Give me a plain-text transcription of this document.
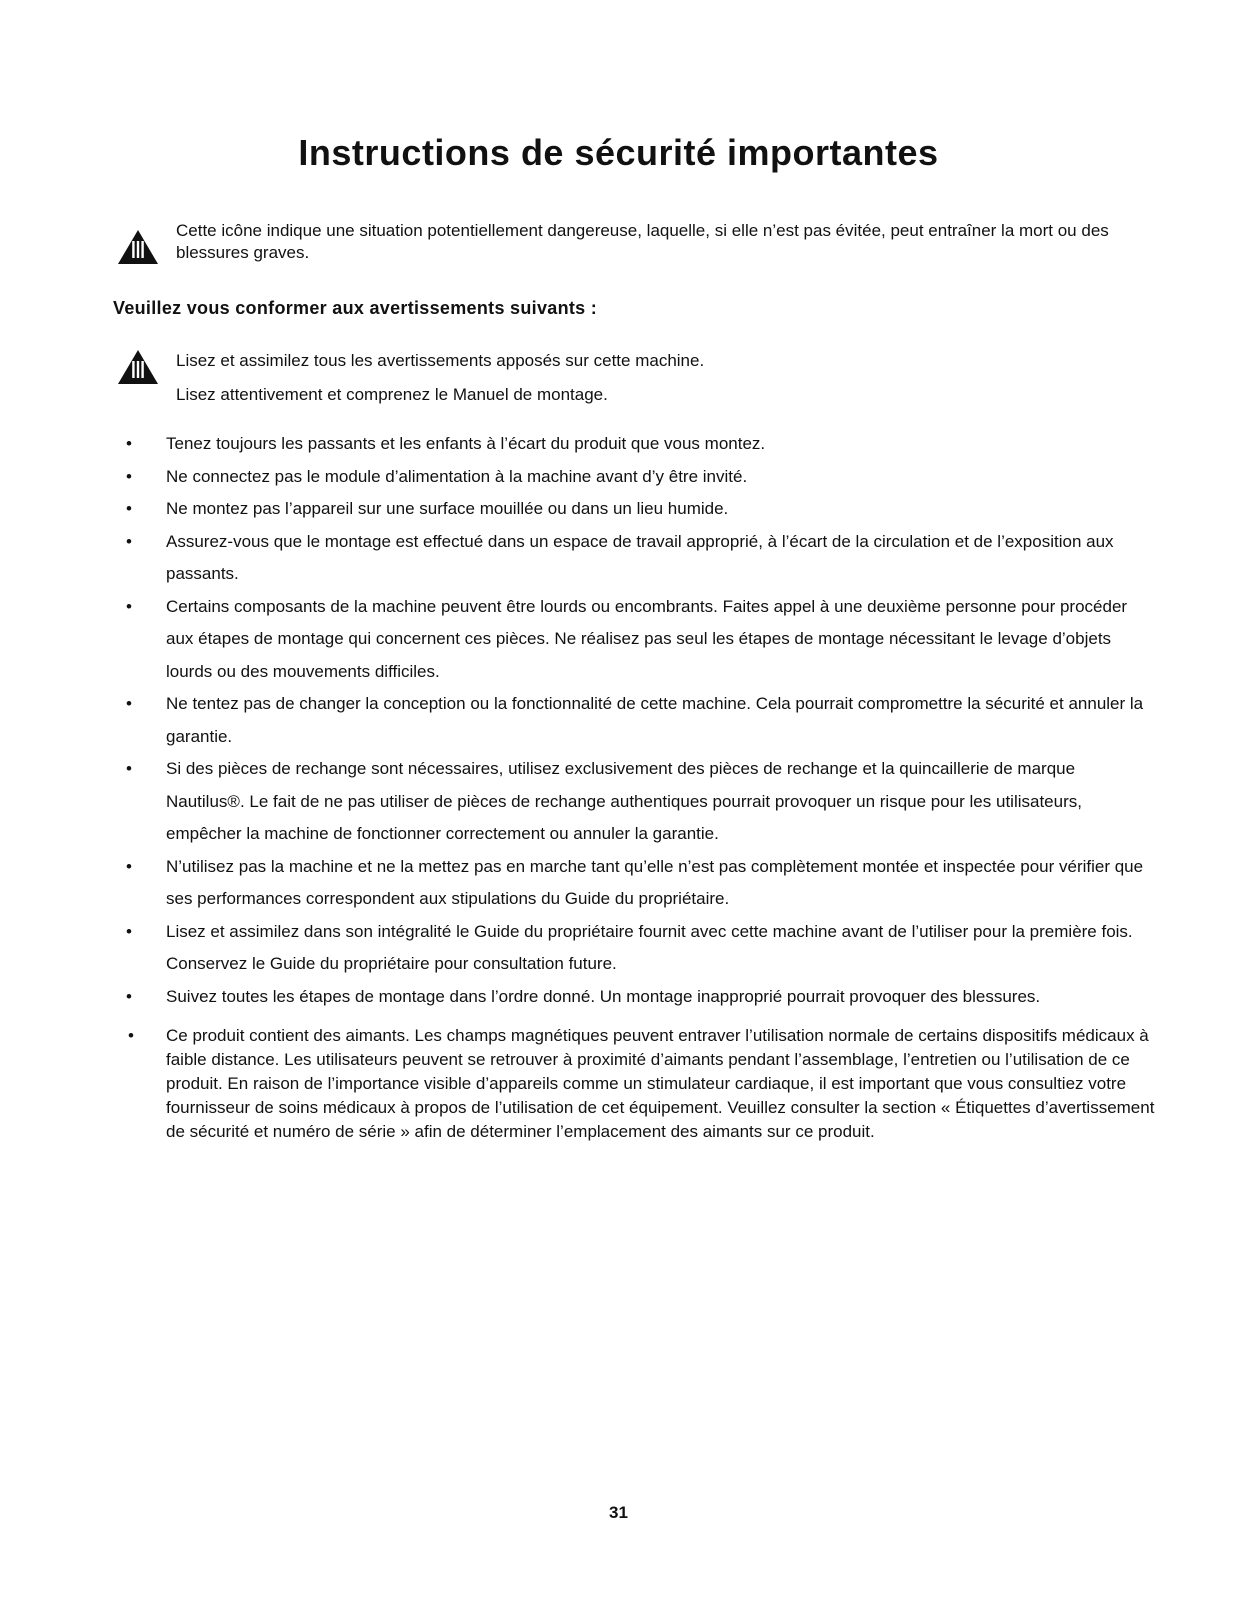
Instructions de sécurité importantes

Cette icône indique une situation potentiellement dangereuse, laquelle, si elle n’est pas évitée, peut entraîner la mort ou des blessures graves.

Veuillez vous conformer aux avertissements suivants :

Lisez et assimilez tous les avertissements apposés sur cette machine.

Lisez attentivement et comprenez le Manuel de montage.

• Tenez toujours les passants et les enfants à l’écart du produit que vous montez.
• Ne connectez pas le module d’alimentation à la machine avant d’y être invité.
• Ne montez pas l’appareil sur une surface mouillée ou dans un lieu humide.
• Assurez-vous que le montage est effectué dans un espace de travail approprié, à l’écart de la circulation et de l’exposition aux passants.
• Certains composants de la machine peuvent être lourds ou encombrants. Faites appel à une deuxième personne pour procéder aux étapes de montage qui concernent ces pièces. Ne réalisez pas seul les étapes de montage nécessitant le levage d’objets lourds ou des mouvements difficiles.
• Ne tentez pas de changer la conception ou la fonctionnalité de cette machine. Cela pourrait compromettre la sécurité et annuler la garantie.
• Si des pièces de rechange sont nécessaires, utilisez exclusivement des pièces de rechange et la quincaillerie de marque Nautilus®. Le fait de ne pas utiliser de pièces de rechange authentiques pourrait provoquer un risque pour les utilisateurs, empêcher la machine de fonctionner correctement ou annuler la garantie.
• N’utilisez pas la machine et ne la mettez pas en marche tant qu’elle n’est pas complètement montée et inspectée pour vérifier que ses performances correspondent aux stipulations du Guide du propriétaire.
• Lisez et assimilez dans son intégralité le Guide du propriétaire fournit avec cette machine avant de l’utiliser pour la première fois. Conservez le Guide du propriétaire pour consultation future.
• Suivez toutes les étapes de montage dans l’ordre donné. Un montage inapproprié pourrait provoquer des blessures.
• Ce produit contient des aimants. Les champs magnétiques peuvent entraver l’utilisation normale de certains dispositifs médicaux à faible distance. Les utilisateurs peuvent se retrouver à proximité d’aimants pendant l’assemblage, l’entretien ou l’utilisation de ce produit. En raison de l’importance visible d’appareils comme un stimulateur cardiaque, il est important que vous consultiez votre fournisseur de soins médicaux à propos de l’utilisation de cet équipement. Veuillez consulter la section « Étiquettes d’avertissement de sécurité et numéro de série » afin de déterminer l’emplacement des aimants sur ce produit.
31
